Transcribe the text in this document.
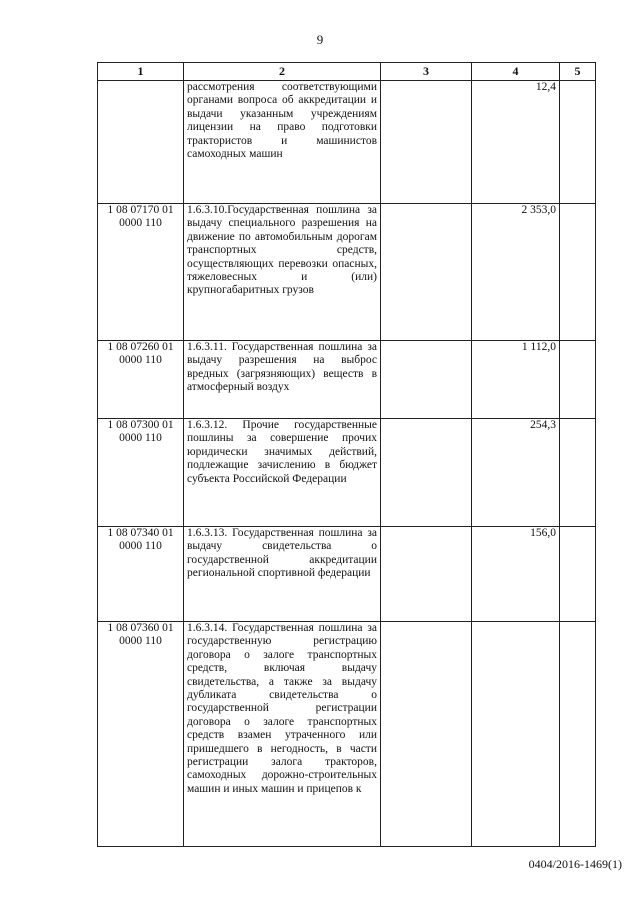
9
1	2	3	4	5
	рассмотрения соответствующими органами вопроса об аккредитации и выдачи указанным учреждениям лицензии на право подготовки трактористов и машинистов самоходных машин		12,4	
1 08 07170 01 0000 110	1.6.3.10.Государственная пошлина за выдачу специального разрешения на движение по автомобильным дорогам транспортных средств, осуществляющих перевозки опасных, тяжеловесных и (или) крупногабаритных грузов		2 353,0	
1 08 07260 01 0000 110	1.6.3.11. Государственная пошлина за выдачу разрешения на выброс вредных (загрязняющих) веществ в атмосферный воздух		1 112,0	
1 08 07300 01 0000 110	1.6.3.12. Прочие государственные пошлины за совершение прочих юридически значимых действий, подлежащие зачислению в бюджет субъекта Российской Федерации		254,3	
1 08 07340 01 0000 110	1.6.3.13. Государственная пошлина за выдачу свидетельства о государственной аккредитации региональной спортивной федерации		156,0	
1 08 07360 01 0000 110	1.6.3.14. Государственная пошлина за государственную регистрацию договора о залоге транспортных средств, включая выдачу свидетельства, а также за выдачу дубликата свидетельства о государственной регистрации договора о залоге транспортных средств взамен утраченного или пришедшего в негодность, в части регистрации залога тракторов, самоходных дорожно-строительных машин и иных машин и прицепов к			
0404/2016-1469(1)
